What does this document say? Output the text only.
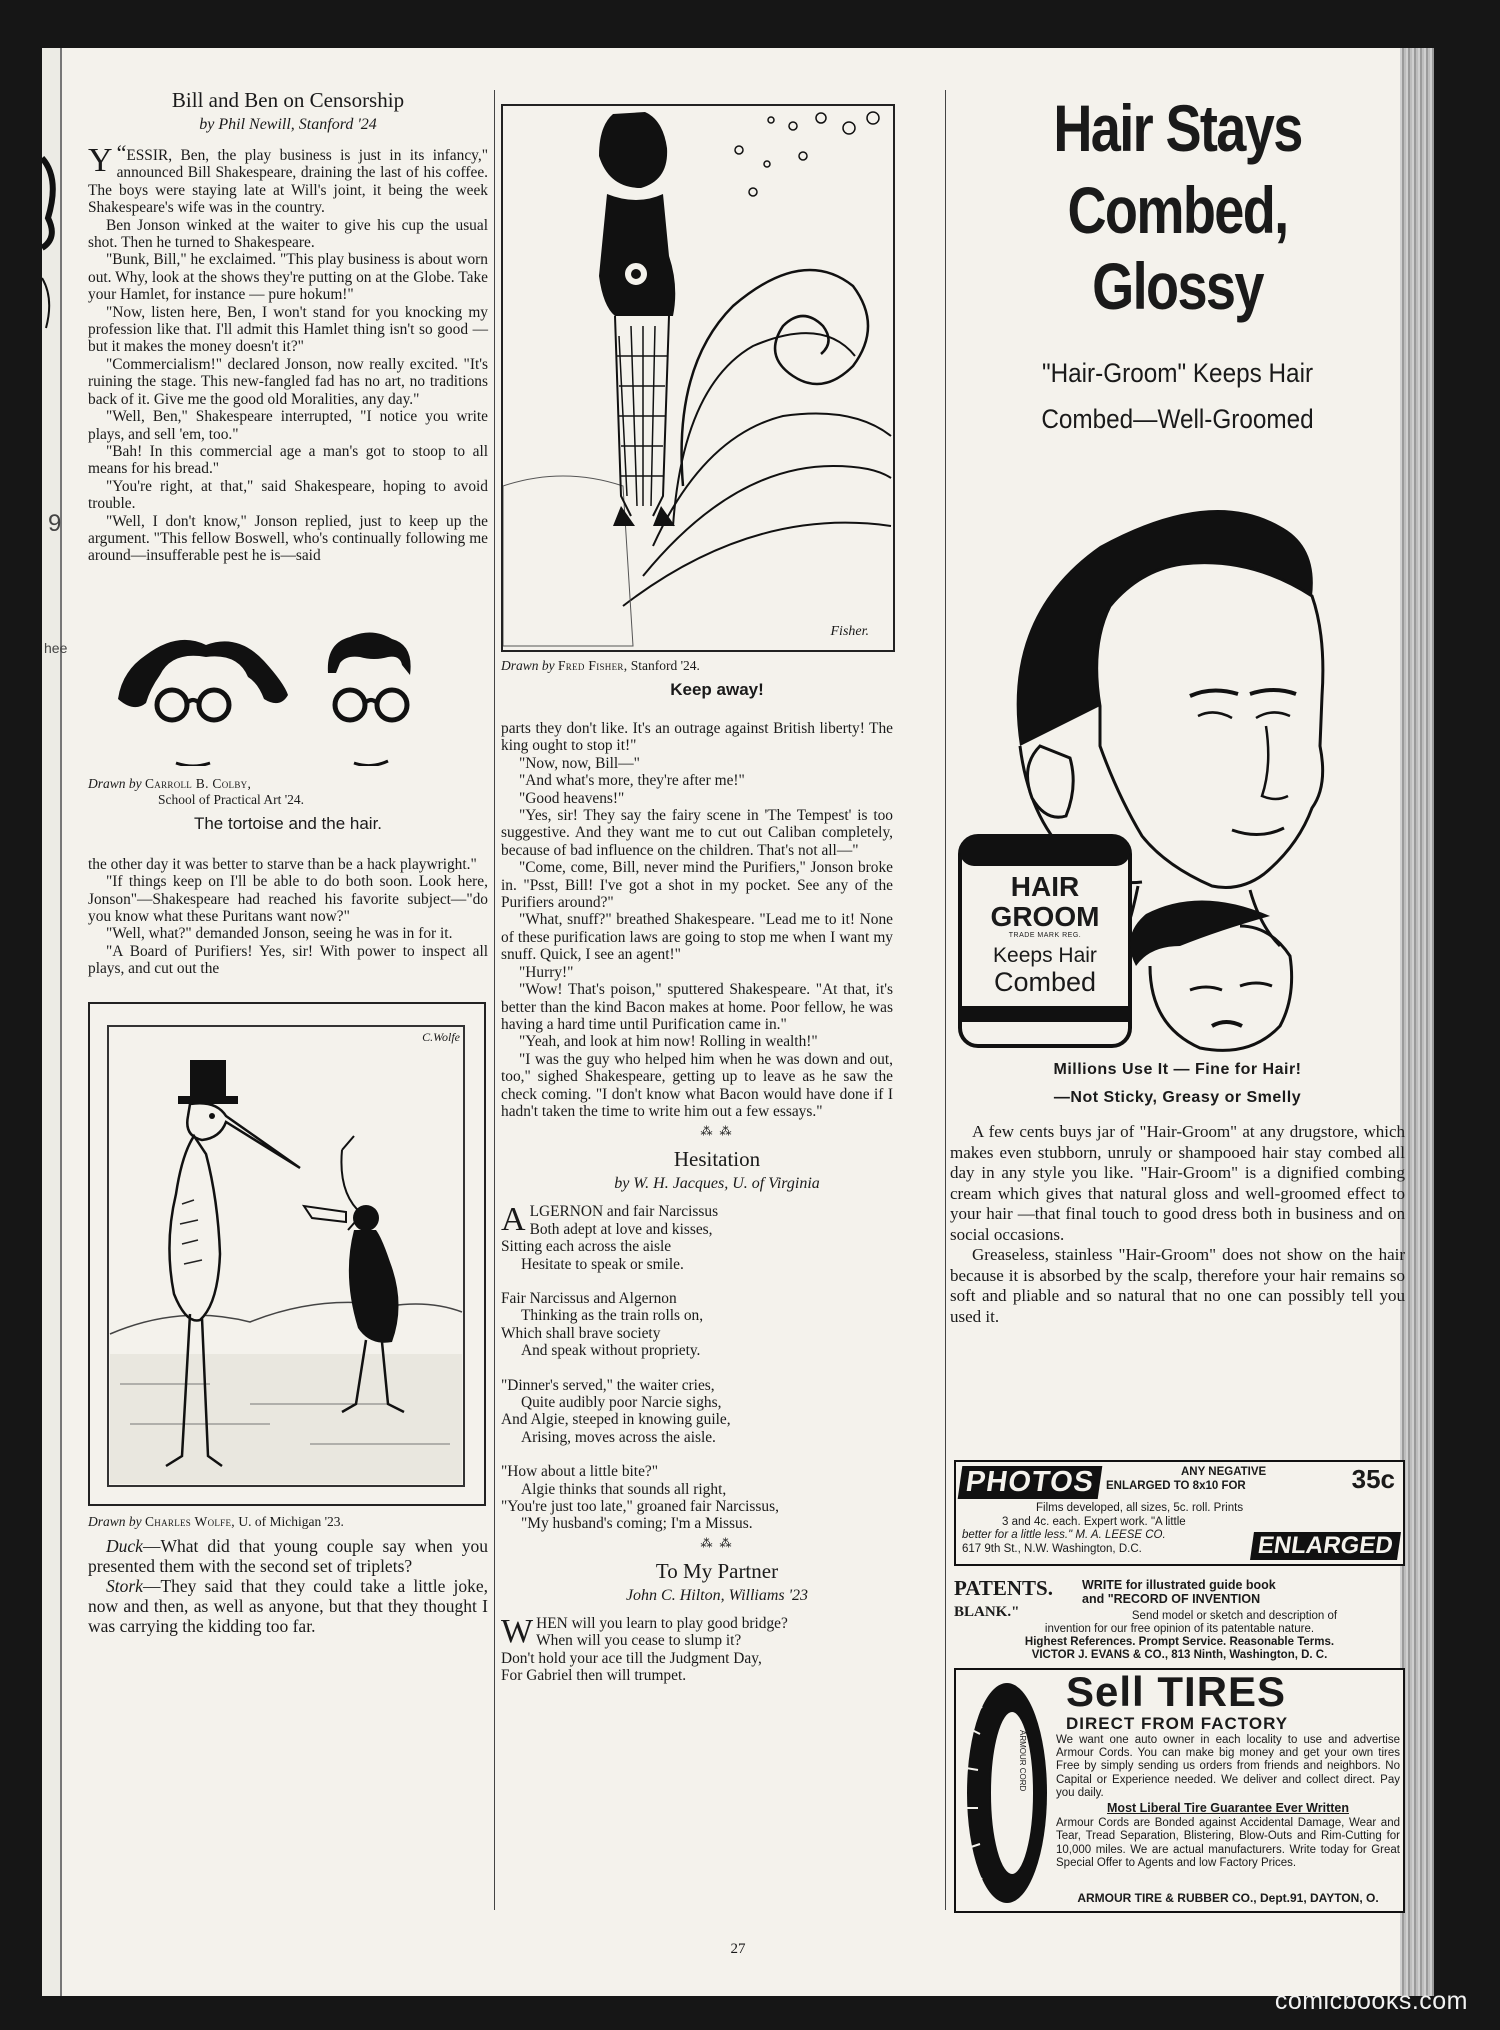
hee
9
Bill and Ben on Censorship
by Phil Newill, Stanford '24

“
Y ESSIR, Ben, the play business is just in its infancy," announced Bill Shakespeare, draining the last of his coffee. The boys were staying late at Will's joint, it being the week Shakespeare's wife was in the country.

Ben Jonson winked at the waiter to give his cup the usual shot. Then he turned to Shakespeare.

"Bunk, Bill," he exclaimed. "This play business is about worn out. Why, look at the shows they're putting on at the Globe. Take your Hamlet, for instance — pure hokum!"

"Now, listen here, Ben, I won't stand for you knocking my profession like that. I'll admit this Hamlet thing isn't so good —but it makes the money doesn't it?"

"Commercialism!" declared Jonson, now really excited. "It's ruining the stage. This new-fangled fad has no art, no traditions back of it. Give me the good old Moralities, any day."

"Well, Ben," Shakespeare interrupted, "I notice you write plays, and sell 'em, too."

"Bah! In this commercial age a man's got to stoop to all means for his bread."

"You're right, at that," said Shakespeare, hoping to avoid trouble.

"Well, I don't know," Jonson replied, just to keep up the argument. "This fellow Boswell, who's continually following me around—insufferable pest he is—said

Drawn by Carroll B. Colby,
School of Practical Art '24.
The tortoise and the hair.

the other day it was better to starve than be a hack playwright."

"If things keep on I'll be able to do both soon. Look here, Jonson"—Shakespeare had reached his favorite subject—"do you know what these Puritans want now?"

"Well, what?" demanded Jonson, seeing he was in for it.

"A Board of Purifiers! Yes, sir! With power to inspect all plays, and cut out the

C.Wolfe
Drawn by Charles Wolfe, U. of Michigan '23.

Duck—What did that young couple say when you presented them with the second set of triplets?

Stork—They said that they could take a little joke, now and then, as well as anyone, but that they thought I was carrying the kidding too far.

Fisher.
Drawn by Fred Fisher, Stanford '24.
Keep away!

parts they don't like. It's an outrage against British liberty! The king ought to stop it!"

"Now, now, Bill—"

"And what's more, they're after me!"

"Good heavens!"

"Yes, sir! They say the fairy scene in 'The Tempest' is too suggestive. And they want me to cut out Caliban completely, because of bad influence on the children. That's not all—"

"Come, come, Bill, never mind the Purifiers," Jonson broke in. "Psst, Bill! I've got a shot in my pocket. See any of the Purifiers around?"

"What, snuff?" breathed Shakespeare. "Lead me to it! None of these purification laws are going to stop me when I want my snuff. Quick, I see an agent!"

"Hurry!"

"Wow! That's poison," sputtered Shakespeare. "At that, it's better than the kind Bacon makes at home. Poor fellow, he was having a hard time until Purification came in."

"Yeah, and look at him now! Rolling in wealth!"

"I was the guy who helped him when he was down and out, too," sighed Shakespeare, getting up to leave as he saw the check coming. "I don't know what Bacon would have done if I hadn't taken the time to write him out a few essays."

⁂ ⁂
Hesitation
by W. H. Jacques, U. of Virginia
ALGERNON and fair Narcissus
Both adept at love and kisses,
Sitting each across the aisle
Hesitate to speak or smile.
Fair Narcissus and Algernon
Thinking as the train rolls on,
Which shall brave society
And speak without propriety.
"Dinner's served," the waiter cries,
Quite audibly poor Narcie sighs,
And Algie, steeped in knowing guile,
Arising, moves across the aisle.
"How about a little bite?"
Algie thinks that sounds all right,
"You're just too late," groaned fair Narcissus,
"My husband's coming; I'm a Missus.
⁂ ⁂
To My Partner
John C. Hilton, Williams '23
WHEN will you learn to play good bridge?
When will you cease to slump it?
Don't hold your ace till the Judgment Day,
For Gabriel then will trumpet.
Hair Stays
Combed, Glossy
"Hair-Groom" Keeps Hair
Combed—Well-Groomed
HAIR
GROOM
TRADE MARK REG.
Keeps Hair
Combed
Millions Use It — Fine for Hair!
—Not Sticky, Greasy or Smelly

A few cents buys jar of "Hair-Groom" at any drugstore, which makes even stubborn, unruly or shampooed hair stay combed all day in any style you like. "Hair-Groom" is a dignified combing cream which gives that natural gloss and well-groomed effect to your hair —that final touch to good dress both in business and on social occasions.

Greaseless, stainless "Hair-Groom" does not show on the hair because it is absorbed by the scalp, therefore your hair remains so soft and pliable and so natural that no one can possibly tell you used it.

PHOTOS	ANY NEGATIVE
ENLARGED TO 8x10 FOR	35c
Films developed, all sizes, 5c. roll. Prints
3 and 4c. each. Expert work. "A little
better for a little less." M. A. LEESE CO.
617 9th St., N.W. Washington, D.C.	ENLARGED
PATENTS.
BLANK."
WRITE for illustrated guide book
and "RECORD OF INVENTION
Send model or sketch and description of
invention for our free opinion of its patentable nature.
Highest References. Prompt Service. Reasonable Terms.
VICTOR J. EVANS & CO., 813 Ninth, Washington, D. C.
ARMOUR CORD
Sell TIRES
DIRECT FROM FACTORY
We want one auto owner in each locality to use and advertise Armour Cords. You can make big money and get your own tires Free by simply sending us orders from friends and neighbors. No Capital or Experience needed. We deliver and collect direct. Pay you daily.
Most Liberal Tire Guarantee Ever Written
Armour Cords are Bonded against Accidental Damage, Wear and Tear, Tread Separation, Blistering, Blow-Outs and Rim-Cutting for 10,000 miles. We are actual manufacturers. Write today for Great Special Offer to Agents and low Factory Prices.
ARMOUR TIRE & RUBBER CO., Dept.91, DAYTON, O.
27
comicbooks.com
